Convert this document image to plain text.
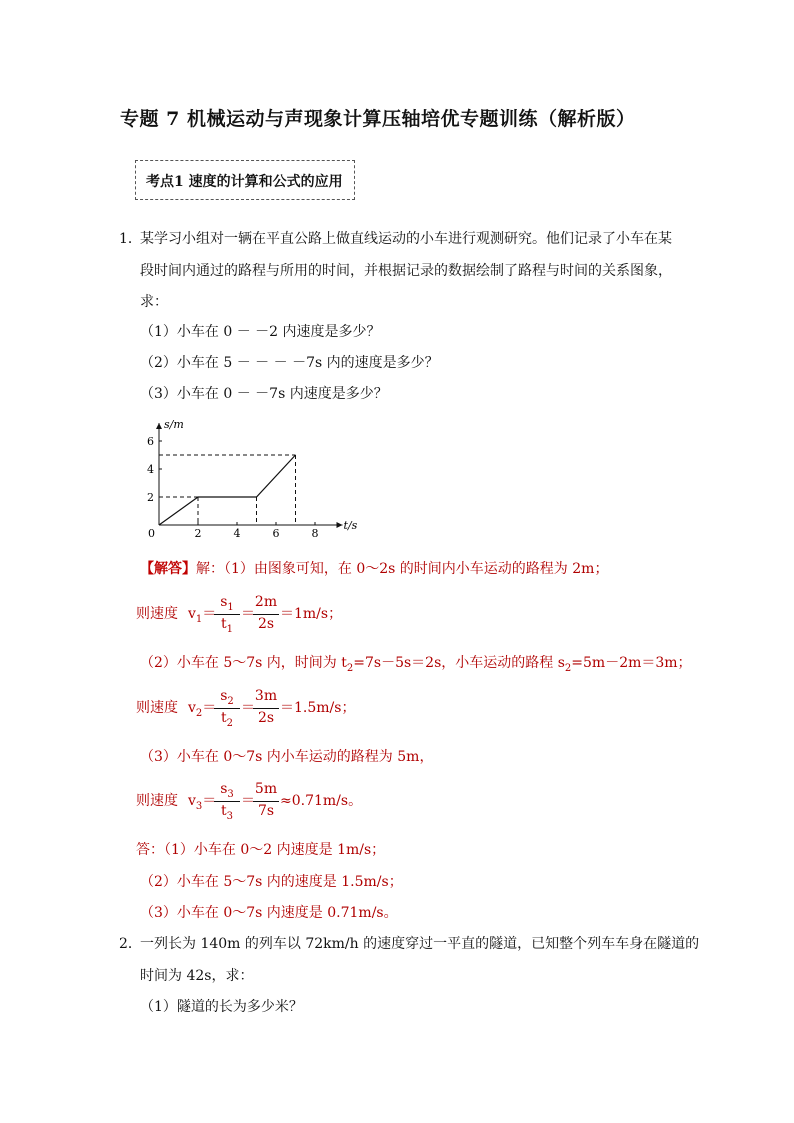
专题 7 机械运动与声现象计算压轴培优专题训练（解析版）
考点1 速度的计算和公式的应用
1．
某学习小组对一辆在平直公路上做直线运动的小车进行观测研究。他们记录了小车在某
段时间内通过的路程与所用的时间，并根据记录的数据绘制了路程与时间的关系图象，
求：
（1）小车在 0 － －2 内速度是多少？
（2）小车在 5 － － － －7s 内的速度是多少？
（3）小车在 0 － －7s 内速度是多少？
t/s
s/m
0	2	4	6	8
2
4
6
【解答】解：（1）由图象可知，在 0～2s 的时间内小车运动的路程为 2m；
则速度 $v_1=$
$s_1$
$t_1$
＝
2m
2s
＝1m/s；
（2）小车在 5～7s 内，时间为 $t_2=7s-5s=2s$，小车运动的路程 $s_2=5m-2m=3m$；
则速度 $v_2=$
$s_2$
$t_2$
＝
3m
2s
＝1.5m/s；
（3）小车在 0～7s 内小车运动的路程为 5m，
则速度 $v_3=$
$s_3$
$t_3$
＝
5m
7s
≈0.71m/s。
答：（1）小车在 0～2 内速度是 1m/s；
（2）小车在 5～7s 内的速度是 1.5m/s；
（3）小车在 0～7s 内速度是 0.71m/s。
2．
一列长为 140m 的列车以 72km/h 的速度穿过一平直的隧道，已知整个列车车身在隧道的
时间为 42s，求：
（1）隧道的长为多少米？
